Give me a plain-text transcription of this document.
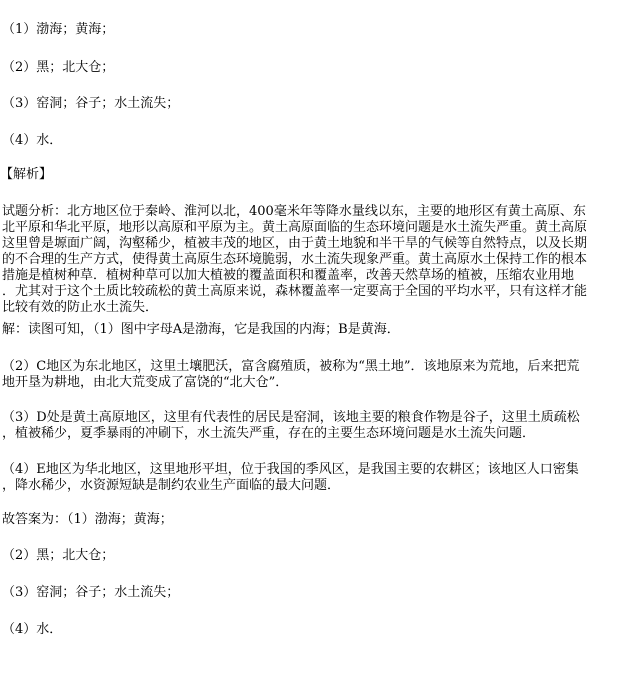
（1）渤海；黄海；
（2）黑；北大仓；
（3）窑洞；谷子；水土流失；
（4）水．
【解析】
试题分析：北方地区位于秦岭、淮河以北，400毫米年等降水量线以东，主要的地形区有黄土高原、东
北平原和华北平原，地形以高原和平原为主。黄土高原面临的生态环境问题是水土流失严重。黄土高原
这里曾是塬面广阔，沟壑稀少，植被丰茂的地区，由于黄土地貌和半干旱的气候等自然特点，以及长期
的不合理的生产方式，使得黄土高原生态环境脆弱，水土流失现象严重。黄土高原水土保持工作的根本
措施是植树种草．植树种草可以加大植被的覆盖面积和覆盖率，改善天然草场的植被，压缩农业用地
．尤其对于这个土质比较疏松的黄土高原来说，森林覆盖率一定要高于全国的平均水平，只有这样才能
比较有效的防止水土流失．
解：读图可知，（1）图中字母A是渤海，它是我国的内海；B是黄海．
（2）C地区为东北地区，这里土壤肥沃，富含腐殖质，被称为“黑土地”．该地原来为荒地，后来把荒
地开垦为耕地，由北大荒变成了富饶的“北大仓”．
（3）D处是黄土高原地区，这里有代表性的居民是窑洞，该地主要的粮食作物是谷子，这里土质疏松
，植被稀少，夏季暴雨的冲刷下，水土流失严重，存在的主要生态环境问题是水土流失问题．
（4）E地区为华北地区，这里地形平坦，位于我国的季风区，是我国主要的农耕区；该地区人口密集
，降水稀少，水资源短缺是制约农业生产面临的最大问题．
故答案为：（1）渤海；黄海；
（2）黑；北大仓；
（3）窑洞；谷子；水土流失；
（4）水．
